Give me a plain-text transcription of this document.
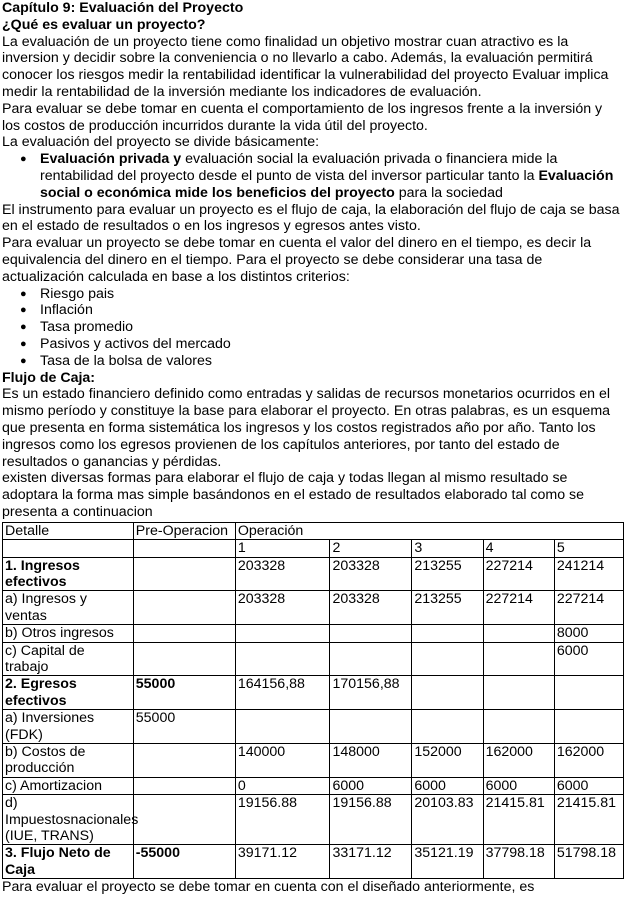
Capítulo 9: Evaluación del Proyecto

¿Qué es evaluar un proyecto?

La evaluación de un proyecto tiene como finalidad un objetivo mostrar cuan atractivo es la inversion y decidir sobre la conveniencia o no llevarlo a cabo. Además, la evaluación permitirá conocer los riesgos medir la rentabilidad identificar la vulnerabilidad del proyecto Evaluar implica medir la rentabilidad de la inversión mediante los indicadores de evaluación.

Para evaluar se debe tomar en cuenta el comportamiento de los ingresos frente a la inversión y los costos de producción incurridos durante la vida útil del proyecto.

La evaluación del proyecto se divide básicamente:

● Evaluación privada y evaluación social la evaluación privada o financiera mide la rentabilidad del proyecto desde el punto de vista del inversor particular tanto la Evaluación social o económica mide los beneficios del proyecto para la sociedad

El instrumento para evaluar un proyecto es el flujo de caja, la elaboración del flujo de caja se basa en el estado de resultados o en los ingresos y egresos antes visto.

Para evaluar un proyecto se debe tomar en cuenta el valor del dinero en el tiempo, es decir la equivalencia del dinero en el tiempo. Para el proyecto se debe considerar una tasa de actualización calculada en base a los distintos criterios:

● Riesgo pais
● Inflación
● Tasa promedio
● Pasivos y activos del mercado
● Tasa de la bolsa de valores

Flujo de Caja:

Es un estado financiero definido como entradas y salidas de recursos monetarios ocurridos en el mismo período y constituye la base para elaborar el proyecto. En otras palabras, es un esquema que presenta en forma sistemática los ingresos y los costos registrados año por año. Tanto los ingresos como los egresos provienen de los capítulos anteriores, por tanto del estado de resultados o ganancias y pérdidas.

existen diversas formas para elaborar el flujo de caja y todas llegan al mismo resultado se adoptara la forma mas simple basándonos en el estado de resultados elaborado tal como se presenta a continuacion

Detalle	Pre-Operacion	Operación				
		1	2	3	4	5
1. Ingresos efectivos		203328	203328	213255	227214	241214
a) Ingresos y ventas		203328	203328	213255	227214	227214
b) Otros ingresos						8000
c) Capital de trabajo						6000
2. Egresos efectivos	55000	164156,88	170156,88			
a) Inversiones (FDK)	55000					
b) Costos de producción		140000	148000	152000	162000	162000
c) Amortizacion		0	6000	6000	6000	6000
d) Impuestosnacionales (IUE, TRANS)		19156.88	19156.88	20103.83	21415.81	21415.81
3. Flujo Neto de Caja	-55000	39171.12	33171.12	35121.19	37798.18	51798.18

Para evaluar el proyecto se debe tomar en cuenta con el diseñado anteriormente, es
